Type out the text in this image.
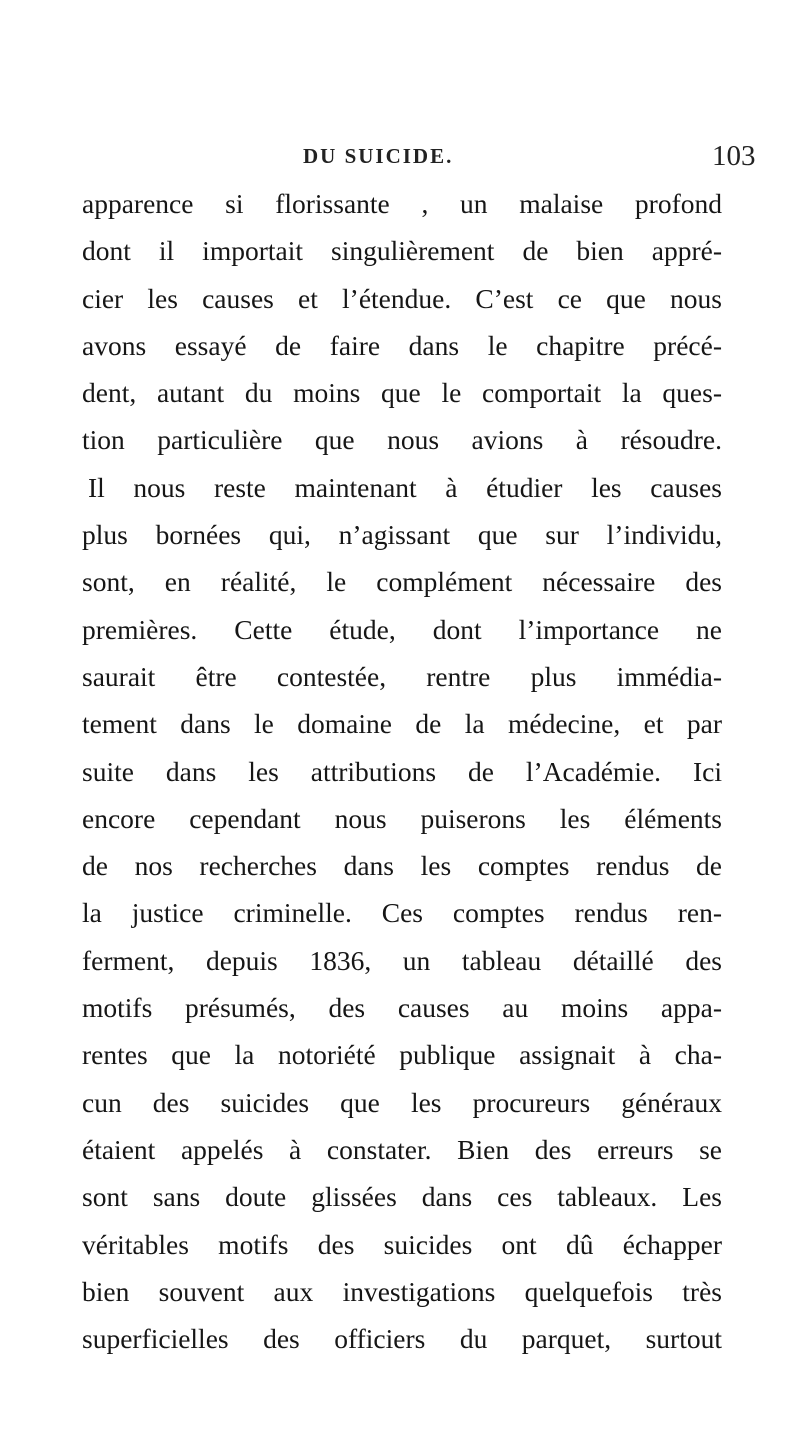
DU SUICIDE.	103
apparence si florissante , un malaise profond
dont il importait singulièrement de bien appré-
cier les causes et l’étendue. C’est ce que nous
avons essayé de faire dans le chapitre précé-
dent, autant du moins que le comportait la ques-
tion particulière que nous avions à résoudre.
Il nous reste maintenant à étudier les causes
plus bornées qui, n’agissant que sur l’individu,
sont, en réalité, le complément nécessaire des
premières. Cette étude, dont l’importance ne
saurait être contestée, rentre plus immédia-
tement dans le domaine de la médecine, et par
suite dans les attributions de l’Académie. Ici
encore cependant nous puiserons les éléments
de nos recherches dans les comptes rendus de
la justice criminelle. Ces comptes rendus ren-
ferment, depuis 1836, un tableau détaillé des
motifs présumés, des causes au moins appa-
rentes que la notoriété publique assignait à cha-
cun des suicides que les procureurs généraux
étaient appelés à constater. Bien des erreurs se
sont sans doute glissées dans ces tableaux. Les
véritables motifs des suicides ont dû échapper
bien souvent aux investigations quelquefois très
superficielles des officiers du parquet, surtout
